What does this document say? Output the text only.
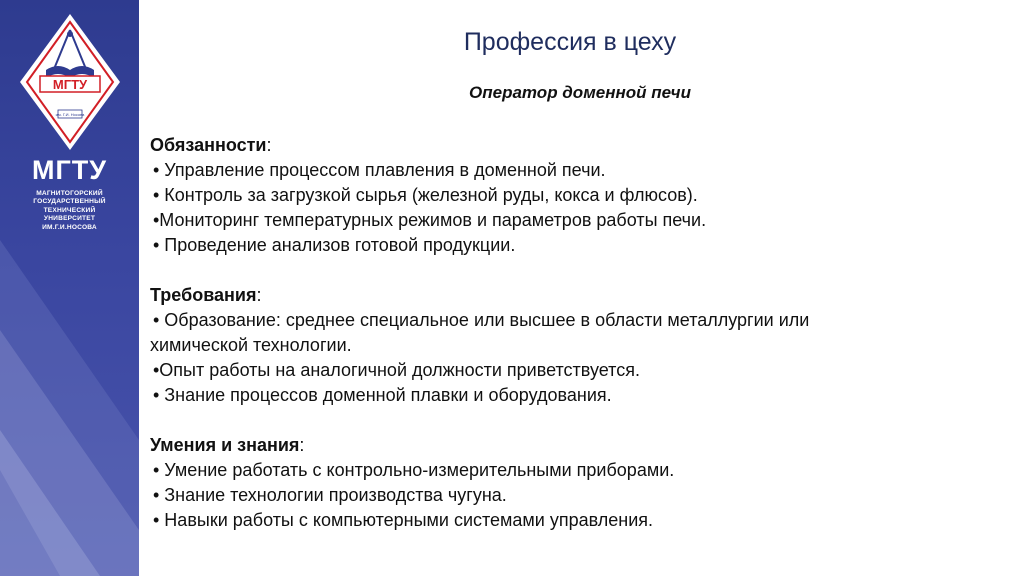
МГТУ
им. Г.И. Носова
МГТУ
МАГНИТОГОРСКИЙ
ГОСУДАРСТВЕННЫЙ
ТЕХНИЧЕСКИЙ
УНИВЕРСИТЕТ
ИМ.Г.И.НОСОВА
Профессия в цеху
Оператор доменной печи
Обязанности:
• Управление процессом плавления в доменной печи.
• Контроль за загрузкой сырья (железной руды, кокса и флюсов).
•Мониторинг температурных режимов и параметров работы печи.
• Проведение анализов готовой продукции.
Требования:
• Образование: среднее специальное или высшее в области металлургии или
химической технологии.
•Опыт работы на аналогичной должности приветствуется.
• Знание процессов доменной плавки и оборудования.
Умения и знания:
• Умение работать с контрольно-измерительными приборами.
• Знание технологии производства чугуна.
• Навыки работы с компьютерными системами управления.
